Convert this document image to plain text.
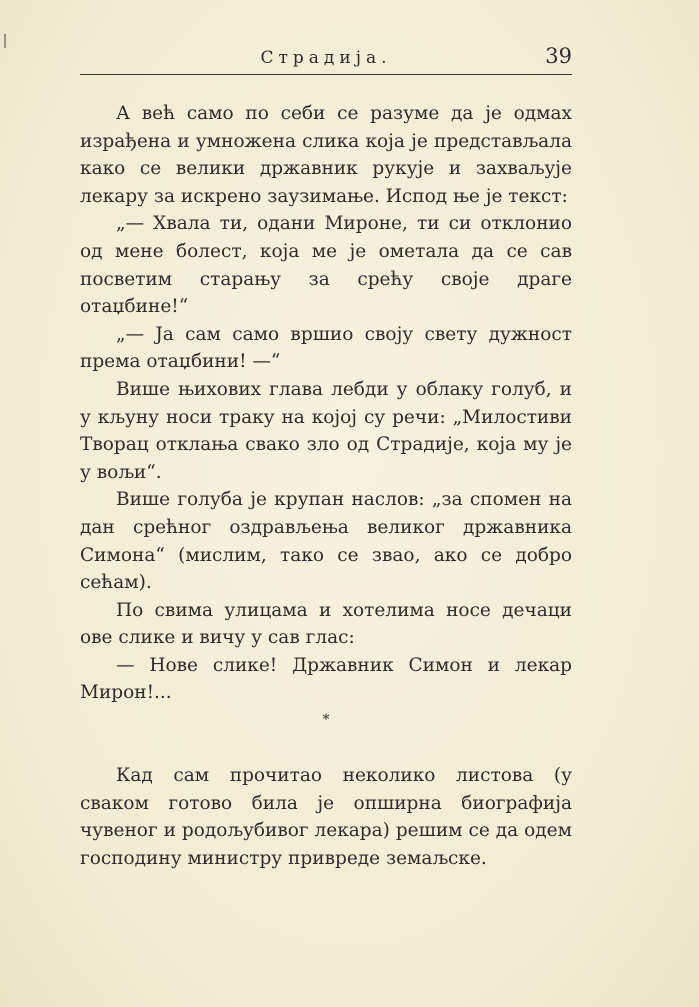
Страдија.	39

А већ само по себи се разуме да је одмах израђена и умножена слика која је представљала како се велики државник рукује и захваљује лекару за искрено заузимање. Испод ње је текст:

„— Хвала ти, одани Мироне, ти си отклонио од мене болест, која ме је ометала да се сав посветим старању за срећу своје драге отаџбине!“

„— Ја сам само вршио своју свету дужност према отаџбини! —“

Више њихових глава лебди у облаку голуб, и у кљуну носи траку на којој су речи: „Милостиви Творац отклања свако зло од Страдије, која му је у вољи“.

Више голуба је крупан наслов: „за спомен на дан срећног оздрављења великог државника Симона“ (мислим, тако се звао, ако се добро сећам).

По свима улицама и хотелима носе дечаци ове слике и вичу у сав глас:

— Нове слике! Државник Симон и лекар Мирон!...

*

Кад сам прочитао неколико листова (у сваком готово била је опширна биографија чувеног и родољубивог лекара) решим се да одем господину министру привреде земаљске.
